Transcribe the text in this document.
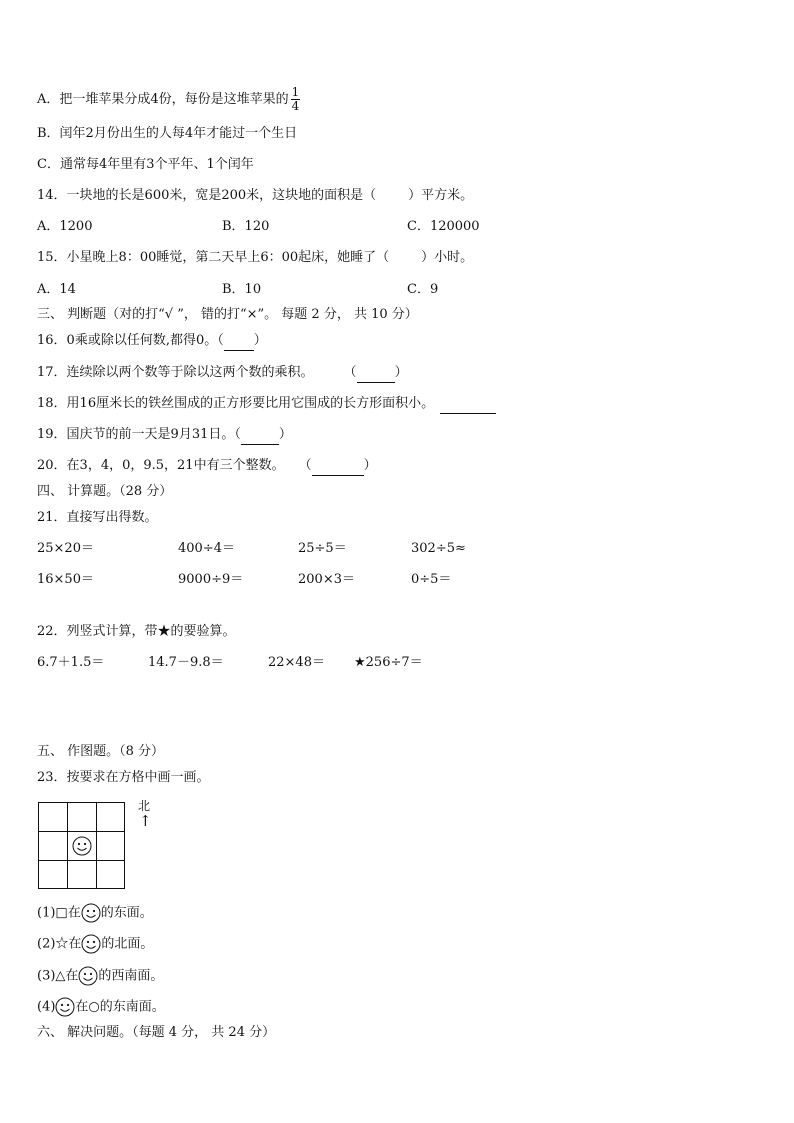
A．把一堆苹果分成4份，每份是这堆苹果的 $\frac{1}{4}$
B．闰年2月份出生的人每4年才能过一个生日
C．通常每4年里有3个平年、1个闰年
14．一块地的长是600米，宽是200米，这块地的面积是（ ）平方米。
A．1200	B．120	C．120000
15．小星晚上8：00睡觉，第二天早上6：00起床，她睡了（ ）小时。
A．14	B．10	C．9
三、 判断题（对的打“√ ”， 错的打“×”。 每题 2 分， 共 10 分）
16．0乘或除以任何数,都得0。（ ）
17．连续除以两个数等于除以这两个数的乘积。 （	）
18．用16厘米长的铁丝围成的正方形要比用它围成的长方形面积小。
19．国庆节的前一天是9月31日。（	）
20．在3，4，0，9.5，21中有三个整数。 （	）
四、 计算题。（28 分）
21．直接写出得数。
25×20＝	400÷4＝	25÷5＝	302÷5≈
16×50＝	9000÷9＝	200×3＝	0÷5＝
22．列竖式计算，带★的要验算。
6.7＋1.5＝	14.7－9.8＝	22×48＝ ★256÷7＝
五、 作图题。（8 分）
23．按要求在方格中画一画。
北
↑
(1)□在 的东面。
(2)☆在 的北面。
(3)△在 的西南面。
(4) 在○的东南面。
六、 解决问题。（每题 4 分， 共 24 分）
